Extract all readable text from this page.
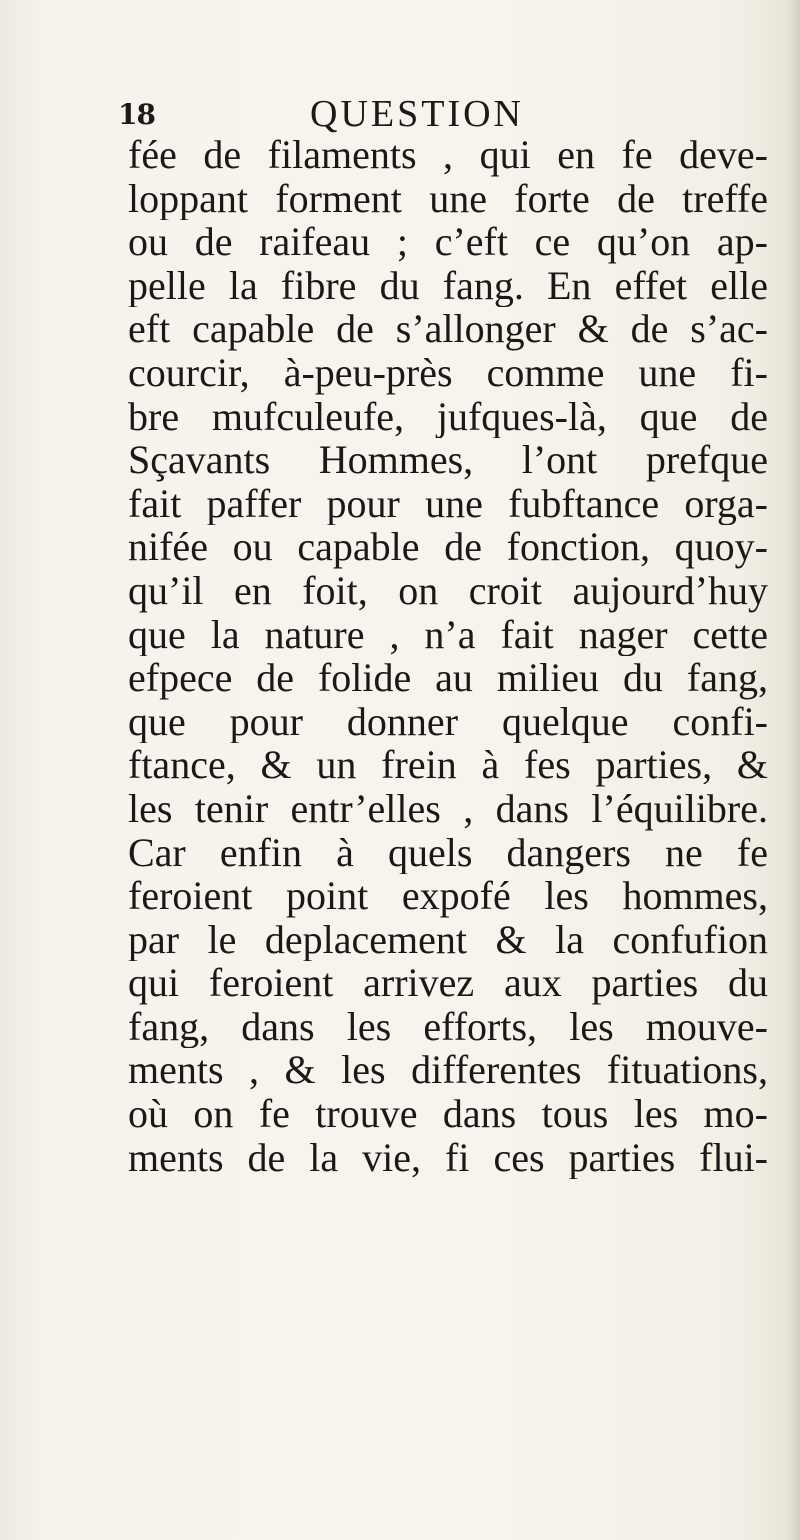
18	QUESTION
fée de filaments , qui en fe deve-
loppant forment une forte de treffe
ou de raifeau ; c’eft ce qu’on ap-
pelle la fibre du fang. En effet elle
eft capable de s’allonger & de s’ac-
courcir, à-peu-près comme une fi-
bre mufculeufe, jufques-là, que de
Sçavants Hommes, l’ont prefque
fait paffer pour une fubftance orga-
nifée ou capable de fonction, quoy-
qu’il en foit, on croit aujourd’huy
que la nature , n’a fait nager cette
efpece de folide au milieu du fang,
que pour donner quelque confi-
ftance, & un frein à fes parties, &
les tenir entr’elles , dans l’équilibre.
Car enfin à quels dangers ne fe
feroient point expofé les hommes,
par le deplacement & la confufion
qui feroient arrivez aux parties du
fang, dans les efforts, les mouve-
ments , & les differentes fituations,
où on fe trouve dans tous les mo-
ments de la vie, fi ces parties flui-
